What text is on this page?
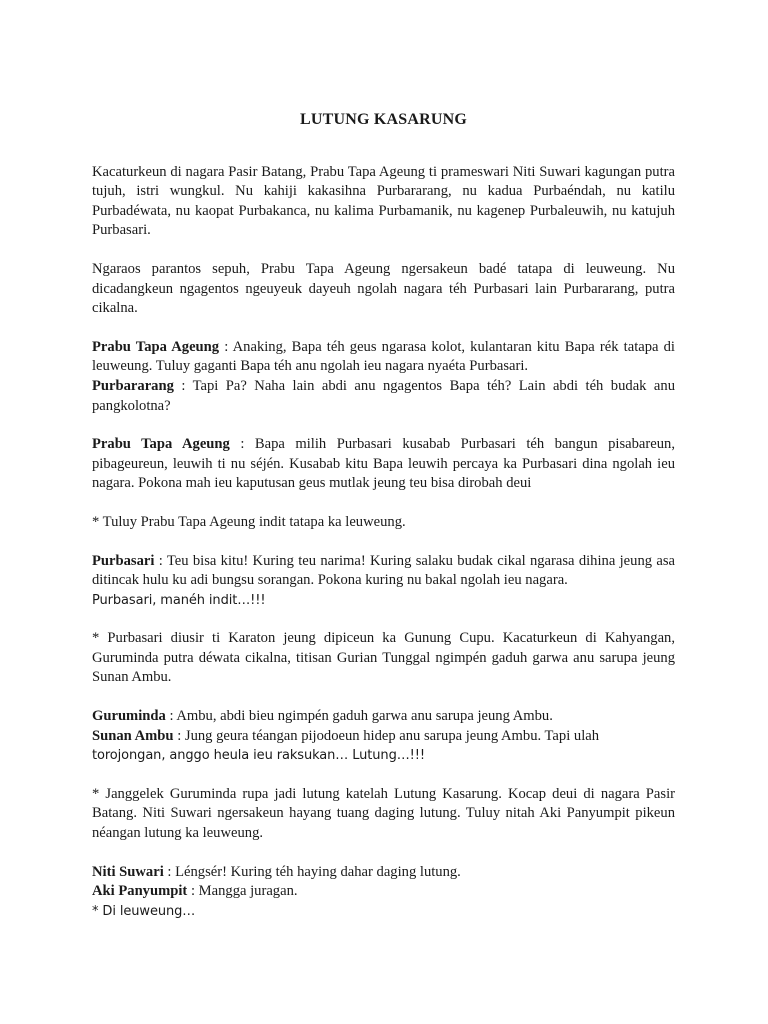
LUTUNG KASARUNG
Kacaturkeun di nagara Pasir Batang, Prabu Tapa Ageung ti prameswari Niti Suwari kagungan putra tujuh, istri wungkul. Nu kahiji kakasihna Purbararang, nu kadua Purbaéndah, nu katilu Purbadéwata, nu kaopat Purbakanca, nu kalima Purbamanik, nu kagenep Purbaleuwih, nu katujuh Purbasari.
Ngaraos parantos sepuh, Prabu Tapa Ageung ngersakeun badé tatapa di leuweung. Nu dicadangkeun ngagentos ngeuyeuk dayeuh ngolah nagara téh Purbasari lain Purbararang, putra cikalna.
Prabu Tapa Ageung : Anaking, Bapa téh geus ngarasa kolot, kulantaran kitu Bapa rék tatapa di leuweung. Tuluy gaganti Bapa téh anu ngolah ieu nagara nyaéta Purbasari.
Purbararang : Tapi Pa? Naha lain abdi anu ngagentos Bapa téh? Lain abdi téh budak anu pangkolotna?
Prabu Tapa Ageung : Bapa milih Purbasari kusabab Purbasari téh bangun pisabareun, pibageureun, leuwih ti nu séjén. Kusabab kitu Bapa leuwih percaya ka Purbasari dina ngolah ieu nagara. Pokona mah ieu kaputusan geus mutlak jeung teu bisa dirobah deui
* Tuluy Prabu Tapa Ageung indit tatapa ka leuweung.
Purbasari : Teu bisa kitu! Kuring teu narima! Kuring salaku budak cikal ngarasa dihina jeung asa ditincak hulu ku adi bungsu sorangan. Pokona kuring nu bakal ngolah ieu nagara.
Purbasari, manéh indit…!!!
* Purbasari diusir ti Karaton jeung dipiceun ka Gunung Cupu. Kacaturkeun di Kahyangan, Guruminda putra déwata cikalna, titisan Gurian Tunggal ngimpén gaduh garwa anu sarupa jeung Sunan Ambu.
Guruminda : Ambu, abdi bieu ngimpén gaduh garwa anu sarupa jeung Ambu.
Sunan Ambu : Jung geura téangan pijodoeun hidep anu sarupa jeung Ambu. Tapi ulah
torojongan, anggo heula ieu raksukan… Lutung…!!!
* Janggelek Guruminda rupa jadi lutung katelah Lutung Kasarung. Kocap deui di nagara Pasir Batang. Niti Suwari ngersakeun hayang tuang daging lutung. Tuluy nitah Aki Panyumpit pikeun néangan lutung ka leuweung.
Niti Suwari : Léngsér! Kuring téh haying dahar daging lutung.
Aki Panyumpit : Mangga juragan.
* Di leuweung…
